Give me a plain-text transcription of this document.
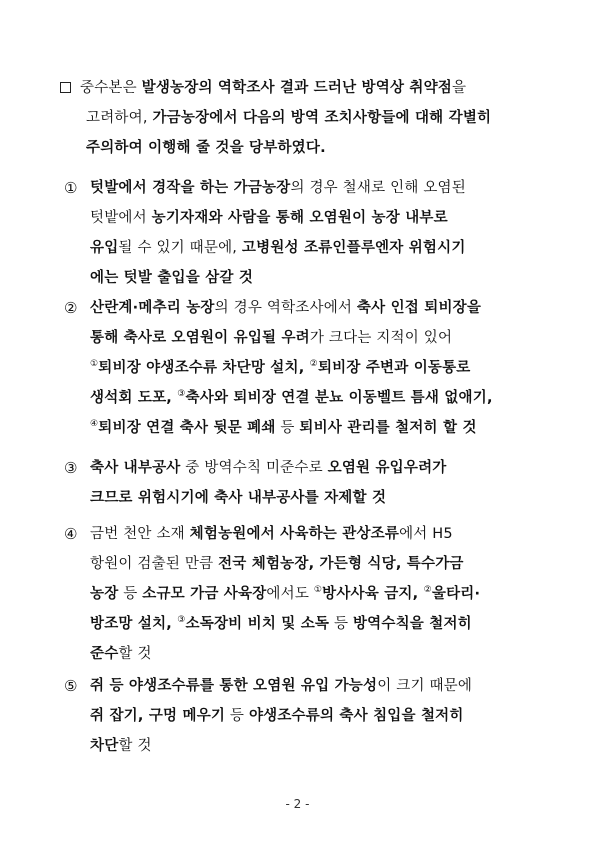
중수본은 발생농장의 역학조사 결과 드러난 방역상 취약점을
고려하여, 가금농장에서 다음의 방역 조치사항들에 대해 각별히
주의하여 이행해 줄 것을 당부하였다.
① 텃발에서 경작을 하는 가금농장의 경우 철새로 인해 오염된
텃밭에서 농기자재와 사람을 통해 오염원이 농장 내부로
유입될 수 있기 때문에, 고병원성 조류인플루엔자 위험시기
에는 텃발 출입을 삼갈 것
② 산란계·메추리 농장의 경우 역학조사에서 축사 인접 퇴비장을
통해 축사로 오염원이 유입될 우려가 크다는 지적이 있어
①퇴비장 야생조수류 차단망 설치, ②퇴비장 주변과 이동통로
생석회 도포, ③축사와 퇴비장 연결 분뇨 이동벨트 틈새 없애기,
④퇴비장 연결 축사 뒷문 폐쇄 등 퇴비사 관리를 철저히 할 것
③ 축사 내부공사 중 방역수칙 미준수로 오염원 유입우려가
크므로 위험시기에 축사 내부공사를 자제할 것
④ 금번 천안 소재 체험농원에서 사육하는 관상조류에서 H5
항원이 검출된 만큼 전국 체험농장, 가든형 식당, 특수가금
농장 등 소규모 가금 사육장에서도 ①방사사육 금지, ②울타리·
방조망 설치, ③소독장비 비치 및 소독 등 방역수칙을 철저히
준수할 것
⑤ 쥐 등 야생조수류를 통한 오염원 유입 가능성이 크기 때문에
쥐 잡기, 구멍 메우기 등 야생조수류의 축사 침입을 철저히
차단할 것
- 2 -
